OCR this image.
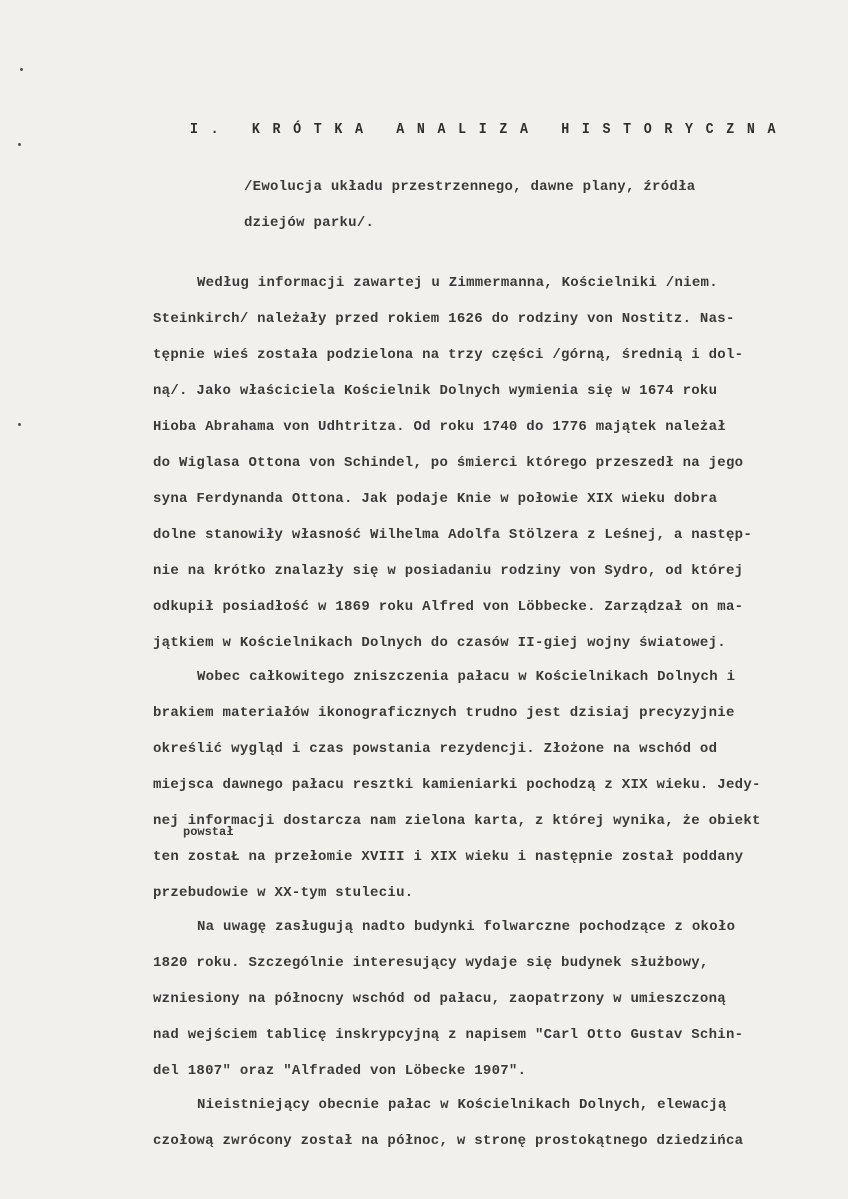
I. KRÓTKA ANALIZA HISTORYCZNA
/Ewolucja układu przestrzennego, dawne plany, źródła
dziejów parku/.
Według informacji zawartej u Zimmermanna, Kościelniki /niem.
Steinkirch/ należały przed rokiem 1626 do rodziny von Nostitz. Nas-
tępnie wieś została podzielona na trzy części /górną, średnią i dol-
ną/. Jako właściciela Kościelnik Dolnych wymienia się w 1674 roku
Hioba Abrahama von Udhtritza. Od roku 1740 do 1776 majątek należał
do Wiglasa Ottona von Schindel, po śmierci którego przeszedł na jego
syna Ferdynanda Ottona. Jak podaje Knie w połowie XIX wieku dobra
dolne stanowiły własność Wilhelma Adolfa Stölzera z Leśnej, a następ-
nie na krótko znalazły się w posiadaniu rodziny von Sydro, od której
odkupił posiadłość w 1869 roku Alfred von Löbbecke. Zarządzał on ma-
jątkiem w Kościelnikach Dolnych do czasów II-giej wojny światowej.
Wobec całkowitego zniszczenia pałacu w Kościelnikach Dolnych i
brakiem materiałów ikonograficznych trudno jest dzisiaj precyzyjnie
określić wygląd i czas powstania rezydencji. Złożone na wschód od
miejsca dawnego pałacu resztki kamieniarki pochodzą z XIX wieku. Jedy-
nej informacji dostarcza nam zielona karta, z której wynika, że obiekt
powstał
ten zostaŁ na przełomie XVIII i XIX wieku i następnie został poddany
przebudowie w XX-tym stuleciu.
Na uwagę zasługują nadto budynki folwarczne pochodzące z około
1820 roku. Szczególnie interesujący wydaje się budynek służbowy,
wzniesiony na północny wschód od pałacu, zaopatrzony w umieszczoną
nad wejściem tablicę inskrypcyjną z napisem "Carl Otto Gustav Schin-
del 1807" oraz "Alfraded von Löbecke 1907".
Nieistniejący obecnie pałac w Kościelnikach Dolnych, elewacją
czołową zwrócony został na północ, w stronę prostokątnego dziedzińca
